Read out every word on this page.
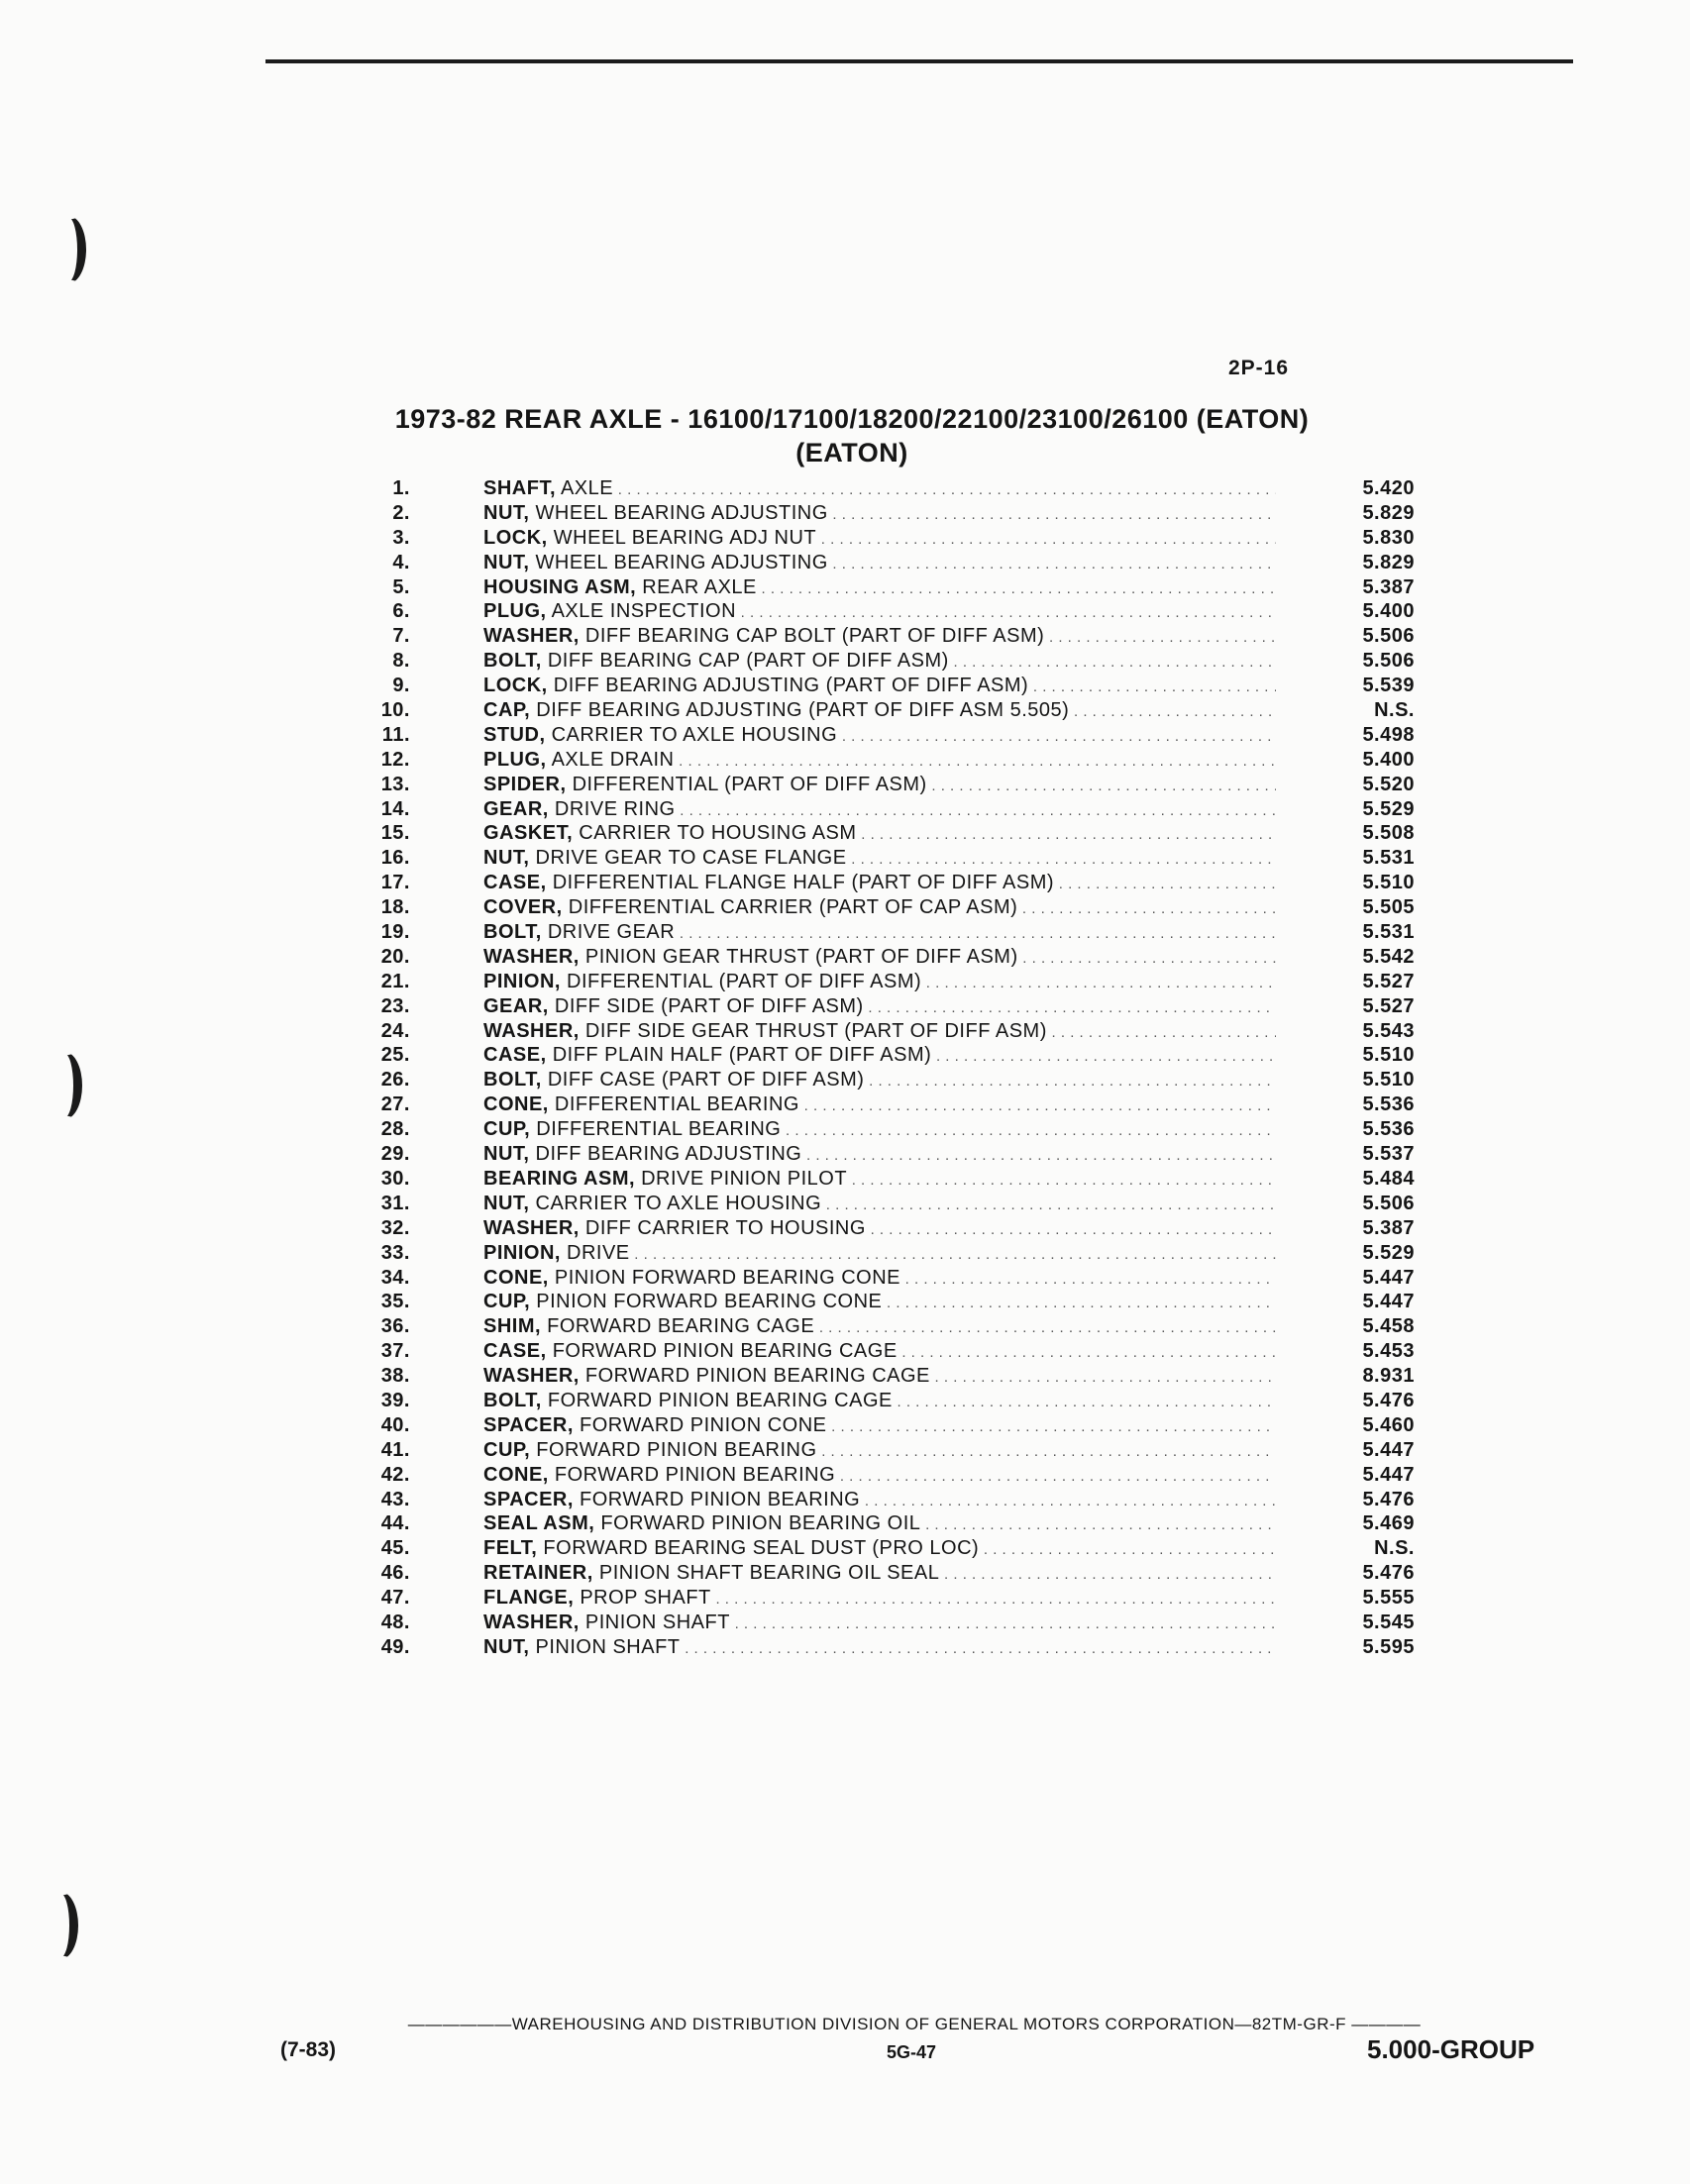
2P-16
1973-82 REAR AXLE - 16100/17100/18200/22100/23100/26100 (EATON)
(EATON)
1.	SHAFT, AXLE . . .	5.420
2.	NUT, WHEEL BEARING ADJUSTING . . .	5.829
3.	LOCK, WHEEL BEARING ADJ NUT . . .	5.830
4.	NUT, WHEEL BEARING ADJUSTING . . .	5.829
5.	HOUSING ASM, REAR AXLE . . .	5.387
6.	PLUG, AXLE INSPECTION . . .	5.400
7.	WASHER, DIFF BEARING CAP BOLT (PART OF DIFF ASM) . . .	5.506
8.	BOLT, DIFF BEARING CAP (PART OF DIFF ASM) . . .	5.506
9.	LOCK, DIFF BEARING ADJUSTING (PART OF DIFF ASM) . . .	5.539
10.	CAP, DIFF BEARING ADJUSTING (PART OF DIFF ASM 5.505) . . .	N.S.
11.	STUD, CARRIER TO AXLE HOUSING . . .	5.498
12.	PLUG, AXLE DRAIN . . .	5.400
13.	SPIDER, DIFFERENTIAL (PART OF DIFF ASM) . . .	5.520
14.	GEAR, DRIVE RING . . .	5.529
15.	GASKET, CARRIER TO HOUSING ASM . . .	5.508
16.	NUT, DRIVE GEAR TO CASE FLANGE . . .	5.531
17.	CASE, DIFFERENTIAL FLANGE HALF (PART OF DIFF ASM) . . .	5.510
18.	COVER, DIFFERENTIAL CARRIER (PART OF CAP ASM) . . .	5.505
19.	BOLT, DRIVE GEAR . . .	5.531
20.	WASHER, PINION GEAR THRUST (PART OF DIFF ASM) . . .	5.542
21.	PINION, DIFFERENTIAL (PART OF DIFF ASM) . . .	5.527
23.	GEAR, DIFF SIDE (PART OF DIFF ASM) . . .	5.527
24.	WASHER, DIFF SIDE GEAR THRUST (PART OF DIFF ASM) . . .	5.543
25.	CASE, DIFF PLAIN HALF (PART OF DIFF ASM) . . .	5.510
26.	BOLT, DIFF CASE (PART OF DIFF ASM) . . .	5.510
27.	CONE, DIFFERENTIAL BEARING . . .	5.536
28.	CUP, DIFFERENTIAL BEARING . . .	5.536
29.	NUT, DIFF BEARING ADJUSTING . . .	5.537
30.	BEARING ASM, DRIVE PINION PILOT . . .	5.484
31.	NUT, CARRIER TO AXLE HOUSING . . .	5.506
32.	WASHER, DIFF CARRIER TO HOUSING . . .	5.387
33.	PINION, DRIVE . . .	5.529
34.	CONE, PINION FORWARD BEARING CONE . . .	5.447
35.	CUP, PINION FORWARD BEARING CONE . . .	5.447
36.	SHIM, FORWARD BEARING CAGE . . .	5.458
37.	CASE, FORWARD PINION BEARING CAGE . . .	5.453
38.	WASHER, FORWARD PINION BEARING CAGE . . .	8.931
39.	BOLT, FORWARD PINION BEARING CAGE . . .	5.476
40.	SPACER, FORWARD PINION CONE . . .	5.460
41.	CUP, FORWARD PINION BEARING . . .	5.447
42.	CONE, FORWARD PINION BEARING . . .	5.447
43.	SPACER, FORWARD PINION BEARING . . .	5.476
44.	SEAL ASM, FORWARD PINION BEARING OIL . . .	5.469
45.	FELT, FORWARD BEARING SEAL DUST (PRO LOC) . . .	N.S.
46.	RETAINER, PINION SHAFT BEARING OIL SEAL . . .	5.476
47.	FLANGE, PROP SHAFT . . .	5.555
48.	WASHER, PINION SHAFT . . .	5.545
49.	NUT, PINION SHAFT . . .	5.595
——————WAREHOUSING AND DISTRIBUTION DIVISION OF GENERAL MOTORS CORPORATION—82TM-GR-F ————
(7-83)	5G-47	5.000-GROUP
